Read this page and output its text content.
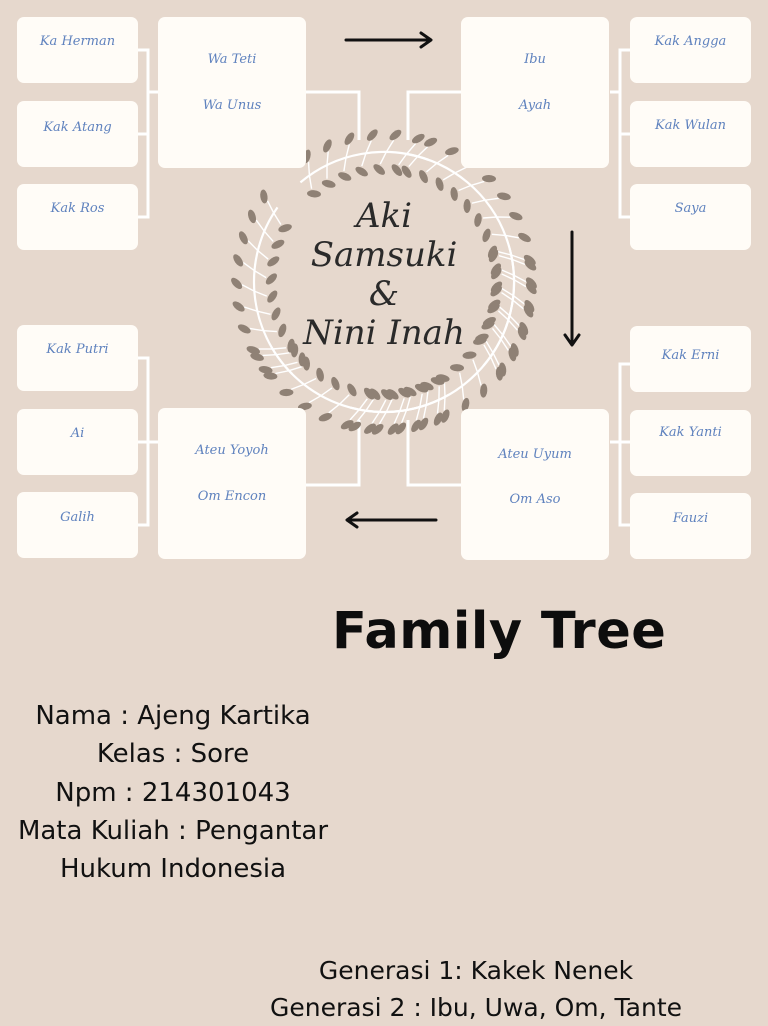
Aki
Samsuki
&
Nini Inah
Ka Herman
Kak Atang
Kak Ros
Wa Teti
Wa Unus
Ibu
Ayah
Kak Angga
Kak Wulan
Saya
Kak Putri
Ai
Galih
Ateu Yoyoh
Om Encon
Ateu Uyum
Om Aso
Kak Erni
Kak Yanti
Fauzi
Family Tree
Nama : Ajeng Kartika
Kelas : Sore
Npm : 214301043
Mata Kuliah : Pengantar
Hukum Indonesia
Generasi 1: Kakek Nenek
Generasi 2 : Ibu, Uwa, Om, Tante
